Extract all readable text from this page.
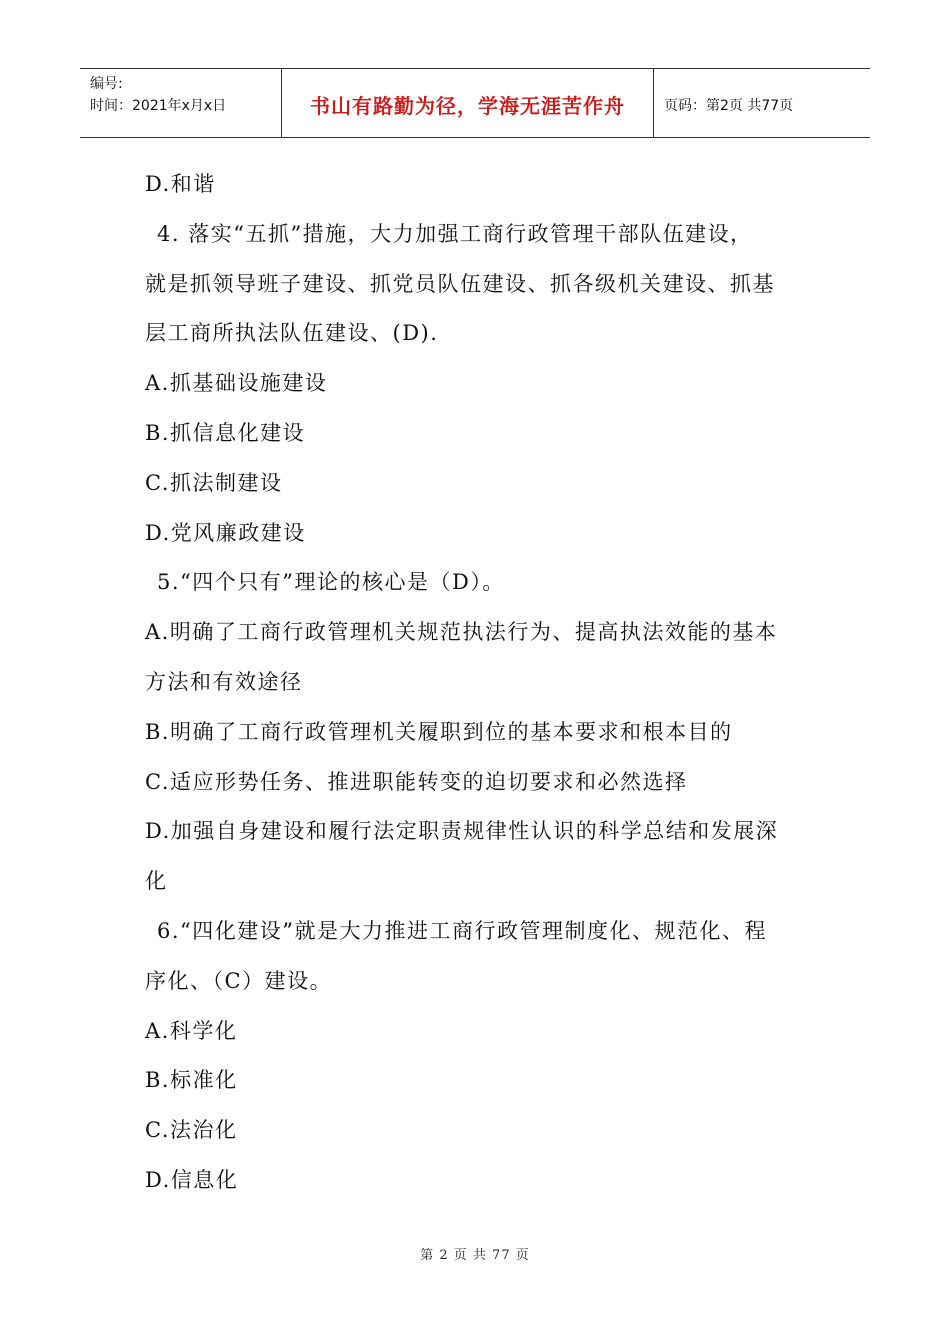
编号:
时间：2021年x月x日	书山有路勤为径，学海无涯苦作舟	页码：第2页 共77页
D.和谐
4. 落实“五抓”措施，大力加强工商行政管理干部队伍建设，
就是抓领导班子建设、抓党员队伍建设、抓各级机关建设、抓基
层工商所执法队伍建设、(D).
A.抓基础设施建设
B.抓信息化建设
C.抓法制建设
D.党风廉政建设
5.“四个只有”理论的核心是（D）。
A.明确了工商行政管理机关规范执法行为、提高执法效能的基本
方法和有效途径
B.明确了工商行政管理机关履职到位的基本要求和根本目的
C.适应形势任务、推进职能转变的迫切要求和必然选择
D.加强自身建设和履行法定职责规律性认识的科学总结和发展深
化
6.“四化建设”就是大力推进工商行政管理制度化、规范化、程
序化、（C）建设。
A.科学化
B.标准化
C.法治化
D.信息化
第 2 页 共 77 页
